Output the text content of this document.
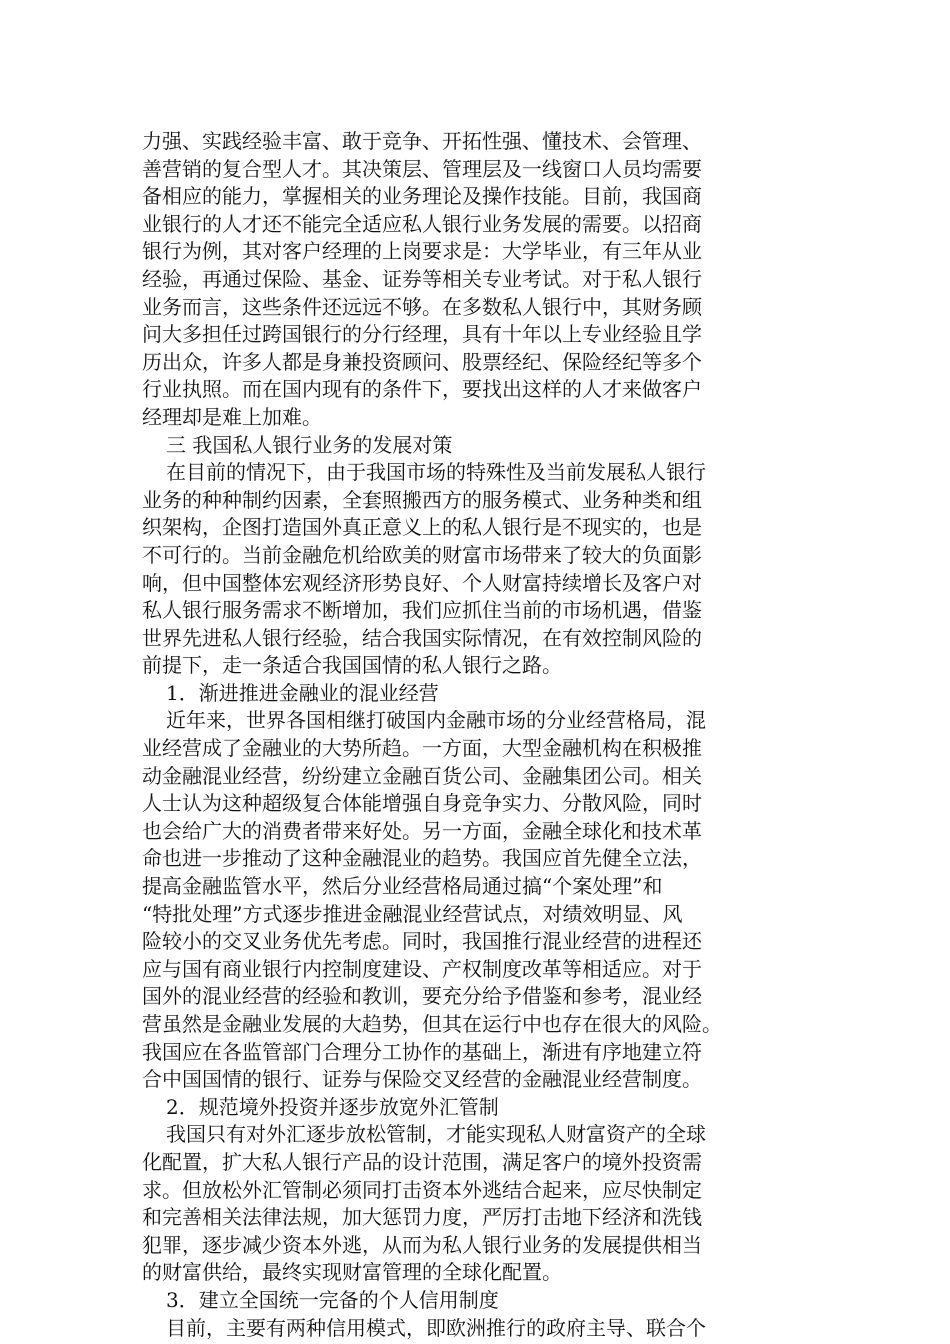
力强、实践经验丰富、敢于竞争、开拓性强、懂技术、会管理、
善营销的复合型人才。其决策层、管理层及一线窗口人员均需要
备相应的能力，掌握相关的业务理论及操作技能。目前，我国商
业银行的人才还不能完全适应私人银行业务发展的需要。以招商
银行为例，其对客户经理的上岗要求是：大学毕业，有三年从业
经验，再通过保险、基金、证券等相关专业考试。对于私人银行
业务而言，这些条件还远远不够。在多数私人银行中，其财务顾
问大多担任过跨国银行的分行经理，具有十年以上专业经验且学
历出众，许多人都是身兼投资顾问、股票经纪、保险经纪等多个
行业执照。而在国内现有的条件下，要找出这样的人才来做客户
经理却是难上加难。
三 我国私人银行业务的发展对策
在目前的情况下，由于我国市场的特殊性及当前发展私人银行
业务的种种制约因素，全套照搬西方的服务模式、业务种类和组
织架构，企图打造国外真正意义上的私人银行是不现实的，也是
不可行的。当前金融危机给欧美的财富市场带来了较大的负面影
响，但中国整体宏观经济形势良好、个人财富持续增长及客户对
私人银行服务需求不断增加，我们应抓住当前的市场机遇，借鉴
世界先进私人银行经验，结合我国实际情况，在有效控制风险的
前提下，走一条适合我国国情的私人银行之路。
1．渐进推进金融业的混业经营
近年来，世界各国相继打破国内金融市场的分业经营格局，混
业经营成了金融业的大势所趋。一方面，大型金融机构在积极推
动金融混业经营，纷纷建立金融百货公司、金融集团公司。相关
人士认为这种超级复合体能增强自身竞争实力、分散风险，同时
也会给广大的消费者带来好处。另一方面，金融全球化和技术革
命也进一步推动了这种金融混业的趋势。我国应首先健全立法，
提高金融监管水平，然后分业经营格局通过搞“个案处理”和
“特批处理”方式逐步推进金融混业经营试点，对绩效明显、风
险较小的交叉业务优先考虑。同时，我国推行混业经营的进程还
应与国有商业银行内控制度建设、产权制度改革等相适应。对于
国外的混业经营的经验和教训，要充分给予借鉴和参考，混业经
营虽然是金融业发展的大趋势，但其在运行中也存在很大的风险。
我国应在各监管部门合理分工协作的基础上，渐进有序地建立符
合中国国情的银行、证券与保险交叉经营的金融混业经营制度。
2．规范境外投资并逐步放宽外汇管制
我国只有对外汇逐步放松管制，才能实现私人财富资产的全球
化配置，扩大私人银行产品的设计范围，满足客户的境外投资需
求。但放松外汇管制必须同打击资本外逃结合起来，应尽快制定
和完善相关法律法规，加大惩罚力度，严厉打击地下经济和洗钱
犯罪，逐步减少资本外逃，从而为私人银行业务的发展提供相当
的财富供给，最终实现财富管理的全球化配置。
3．建立全国统一完备的个人信用制度
目前，主要有两种信用模式，即欧洲推行的政府主导、联合个
